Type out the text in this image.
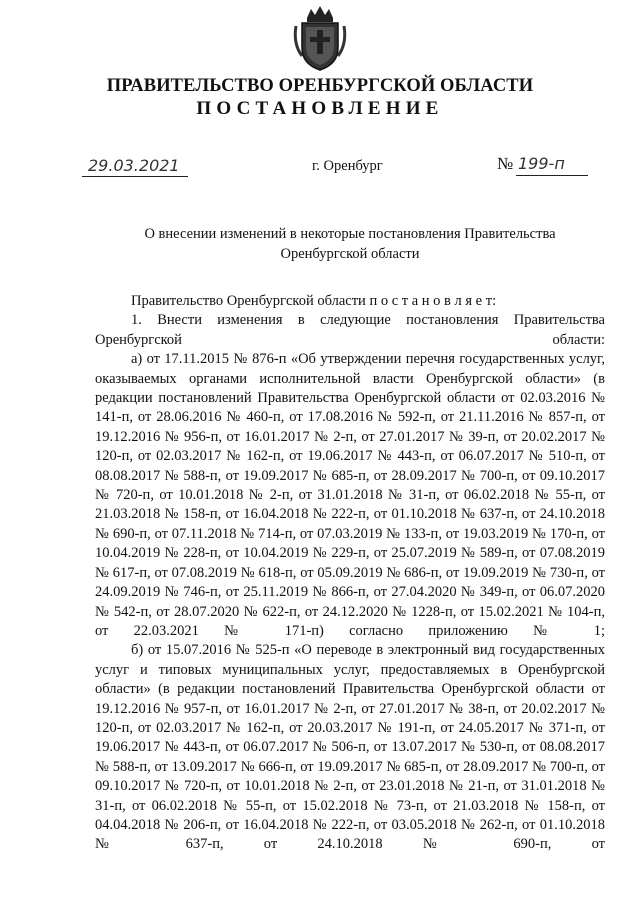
ПРАВИТЕЛЬСТВО ОРЕНБУРГСКОЙ ОБЛАСТИ
ПОСТАНОВЛЕНИЕ
29.03.2021	г. Оренбург	№ 199-п
О внесении изменений в некоторые постановления Правительства
Оренбургской области

Правительство Оренбургской области п о с т а н о в л я е т:

1. Внести изменения в следующие постановления Правительства Оренбургской области:

а) от 17.11.2015 № 876-п «Об утверждении перечня государственных услуг, оказываемых органами исполнительной власти Оренбургской области» (в редакции постановлений Правительства Оренбургской области от 02.03.2016 № 141-п, от 28.06.2016 № 460-п, от 17.08.2016 № 592-п, от 21.11.2016 № 857-п, от 19.12.2016 № 956-п, от 16.01.2017 № 2-п, от 27.01.2017 № 39-п, от 20.02.2017 № 120-п, от 02.03.2017 № 162-п, от 19.06.2017 № 443-п, от 06.07.2017 № 510-п, от 08.08.2017 № 588-п, от 19.09.2017 № 685-п, от 28.09.2017 № 700-п, от 09.10.2017 № 720-п, от 10.01.2018 № 2-п, от 31.01.2018 № 31-п, от 06.02.2018 № 55-п, от 21.03.2018 № 158-п, от 16.04.2018 № 222-п, от 01.10.2018 № 637-п, от 24.10.2018 № 690-п, от 07.11.2018 № 714-п, от 07.03.2019 № 133-п, от 19.03.2019 № 170-п, от 10.04.2019 № 228-п, от 10.04.2019 № 229-п, от 25.07.2019 № 589-п, от 07.08.2019 № 617-п, от 07.08.2019 № 618-п, от 05.09.2019 № 686-п, от 19.09.2019 № 730-п, от 24.09.2019 № 746-п, от 25.11.2019 № 866-п, от 27.04.2020 № 349-п, от 06.07.2020 № 542-п, от 28.07.2020 № 622-п, от 24.12.2020 № 1228-п, от 15.02.2021 № 104-п, от 22.03.2021 № 171-п) согласно приложению № 1;

б) от 15.07.2016 № 525-п «О переводе в электронный вид государственных услуг и типовых муниципальных услуг, предоставляемых в Оренбургской области» (в редакции постановлений Правительства Оренбургской области от 19.12.2016 № 957-п, от 16.01.2017 № 2-п, от 27.01.2017 № 38-п, от 20.02.2017 № 120-п, от 02.03.2017 № 162-п, от 20.03.2017 № 191-п, от 24.05.2017 № 371-п, от 19.06.2017 № 443-п, от 06.07.2017 № 506-п, от 13.07.2017 № 530-п, от 08.08.2017 № 588-п, от 13.09.2017 № 666-п, от 19.09.2017 № 685-п, от 28.09.2017 № 700-п, от 09.10.2017 № 720-п, от 10.01.2018 № 2-п, от 23.01.2018 № 21-п, от 31.01.2018 № 31-п, от 06.02.2018 № 55-п, от 15.02.2018 № 73-п, от 21.03.2018 № 158-п, от 04.04.2018 № 206-п, от 16.04.2018 № 222-п, от 03.05.2018 № 262-п, от 01.10.2018 № 637-п, от 24.10.2018 № 690-п, от
